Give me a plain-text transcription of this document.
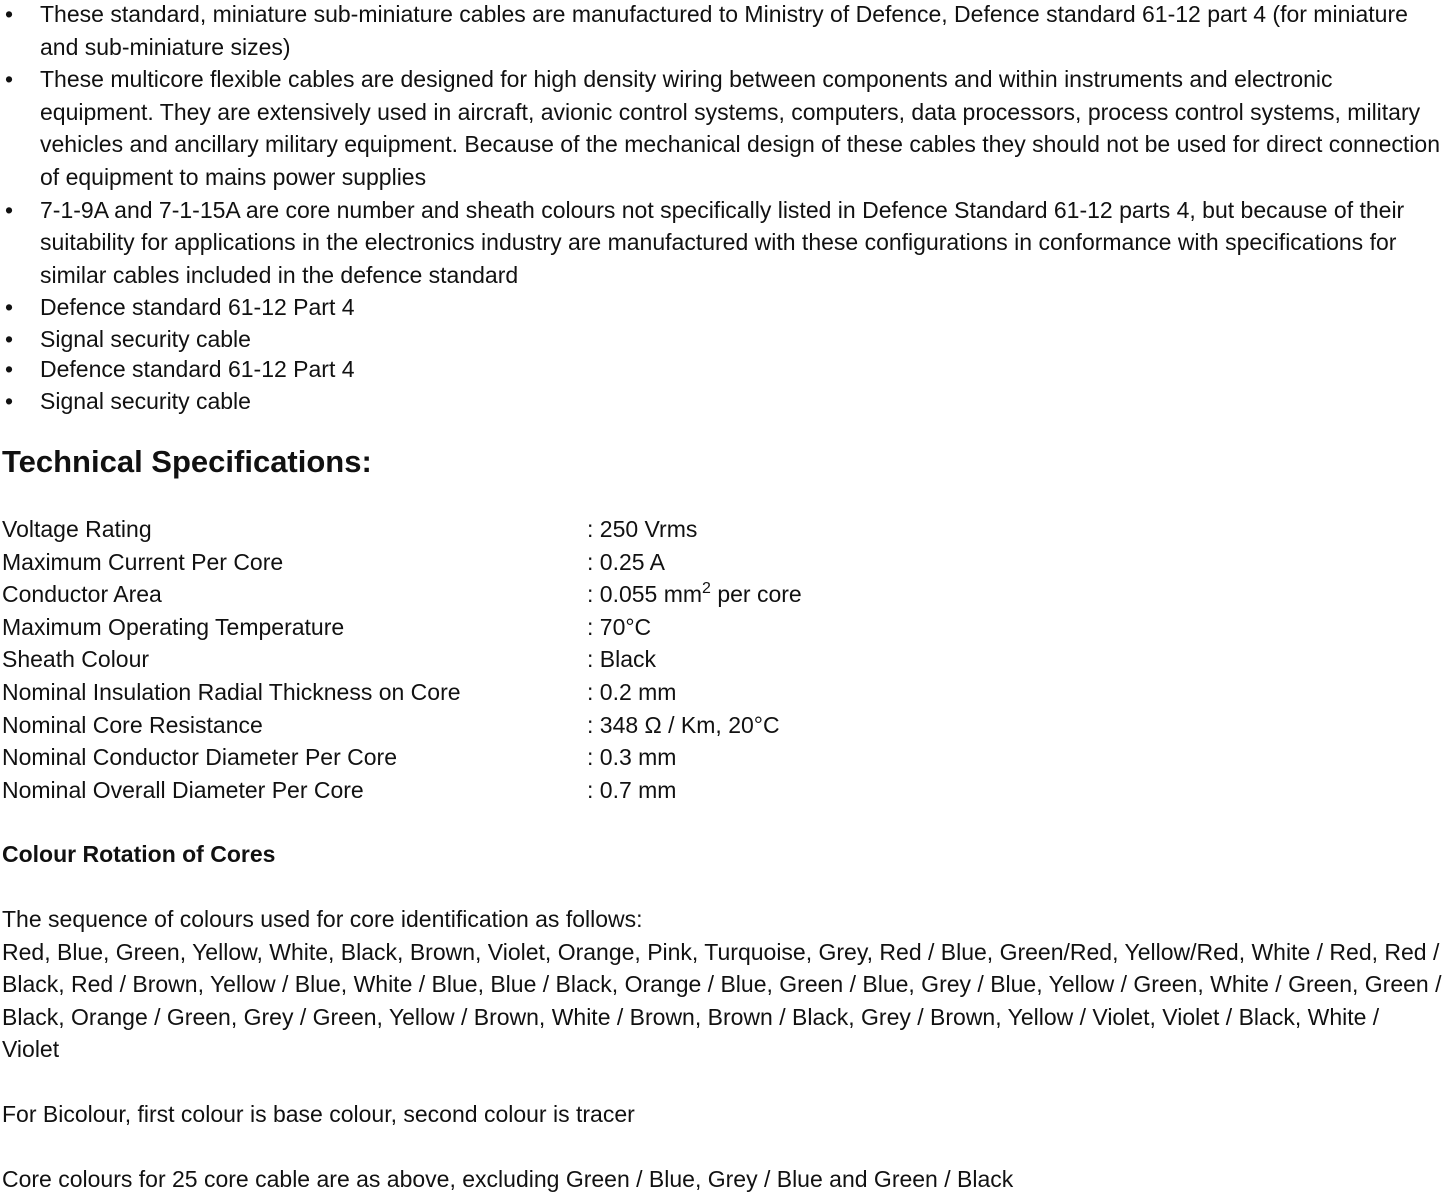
• These standard, miniature sub-miniature cables are manufactured to Ministry of Defence, Defence standard 61-12 part 4 (for miniature and sub-miniature sizes)
• These multicore flexible cables are designed for high density wiring between components and within instruments and electronic equipment. They are extensively used in aircraft, avionic control systems, computers, data processors, process control systems, military vehicles and ancillary military equipment. Because of the mechanical design of these cables they should not be used for direct connection of equipment to mains power supplies
• 7-1-9A and 7-1-15A are core number and sheath colours not specifically listed in Defence Standard 61-12 parts 4, but because of their suitability for applications in the electronics industry are manufactured with these configurations in conformance with specifications for similar cables included in the defence standard
• Defence standard 61-12 Part 4
• Signal security cable
• Defence standard 61-12 Part 4
• Signal security cable
Technical Specifications:
Voltage Rating	: 250 Vrms
Maximum Current Per Core	: 0.25 A
Conductor Area	: 0.055 $mm^2$ per core
Maximum Operating Temperature	: 70°C
Sheath Colour	: Black
Nominal Insulation Radial Thickness on Core	: 0.2 mm
Nominal Core Resistance	: 348 Ω / Km, 20°C
Nominal Conductor Diameter Per Core	: 0.3 mm
Nominal Overall Diameter Per Core	: 0.7 mm
Colour Rotation of Cores

The sequence of colours used for core identification as follows:
Red, Blue, Green, Yellow, White, Black, Brown, Violet, Orange, Pink, Turquoise, Grey, Red / Blue, Green/Red, Yellow/Red, White / Red, Red / Black, Red / Brown, Yellow / Blue, White / Blue, Blue / Black, Orange / Blue, Green / Blue, Grey / Blue, Yellow / Green, White / Green, Green / Black, Orange / Green, Grey / Green, Yellow / Brown, White / Brown, Brown / Black, Grey / Brown, Yellow / Violet, Violet / Black, White / Violet

For Bicolour, first colour is base colour, second colour is tracer

Core colours for 25 core cable are as above, excluding Green / Blue, Grey / Blue and Green / Black
